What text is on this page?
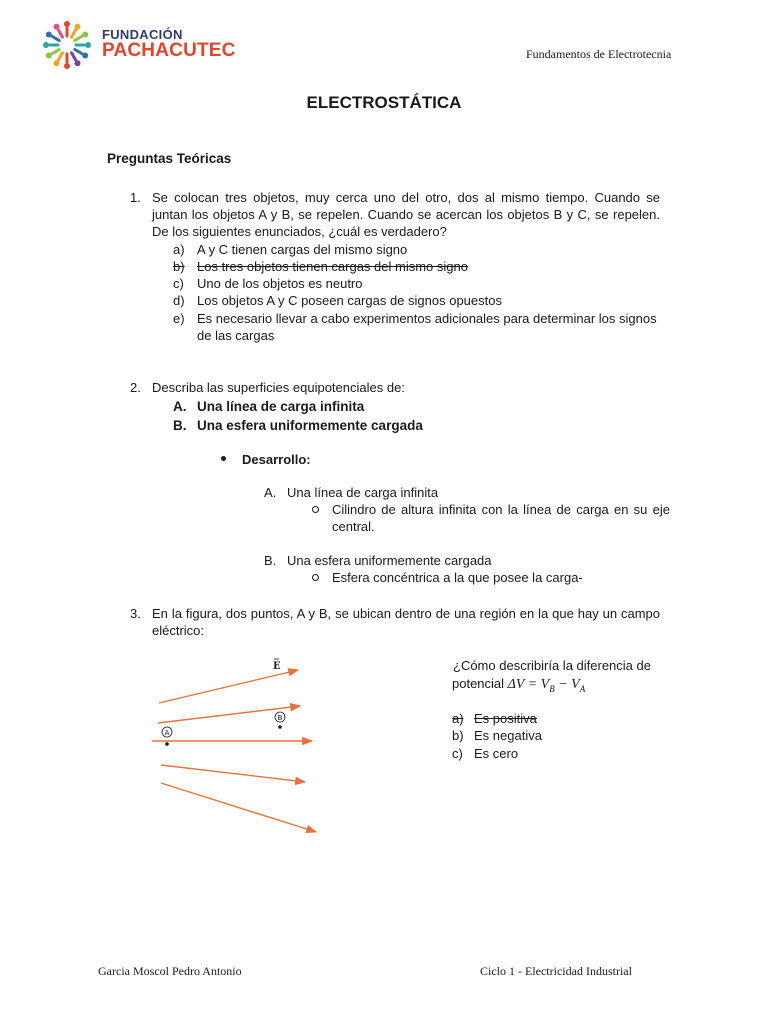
FUNDACIÓN
PACHACUTEC	Fundamentos de Electrotecnia
ELECTROSTÁTICA
Preguntas Teóricas
1. Se colocan tres objetos, muy cerca uno del otro, dos al mismo tiempo. Cuando se juntan los objetos A y B, se repelen. Cuando se acercan los objetos B y C, se repelen. De los siguientes enunciados, ¿cuál es verdadero?
a) A y C tienen cargas del mismo signo
b) Los tres objetos tienen cargas del mismo signo
c) Uno de los objetos es neutro
d) Los objetos A y C poseen cargas de signos opuestos
e) Es necesario llevar a cabo experimentos adicionales para determinar los signos de las cargas
2. Describa las superficies equipotenciales de:
A. Una línea de carga infinita
B. Una esfera uniformemente cargada
Desarrollo:
A. Una línea de carga infinita
Cilindro de altura infinita con la línea de carga en su eje central.
B. Una esfera uniformemente cargada
Esfera concéntrica a la que posee la carga-
3. En la figura, dos puntos, A y B, se ubican dentro de una región en la que hay un campo eléctrico:
E
B
A
¿Cómo describiría la diferencia de
potencial $\Delta V = V_B - V_A$
a) Es positiva
b) Es negativa
c) Es cero
Garcia Moscol Pedro Antonio	Ciclo 1 - Electricidad Industrial
